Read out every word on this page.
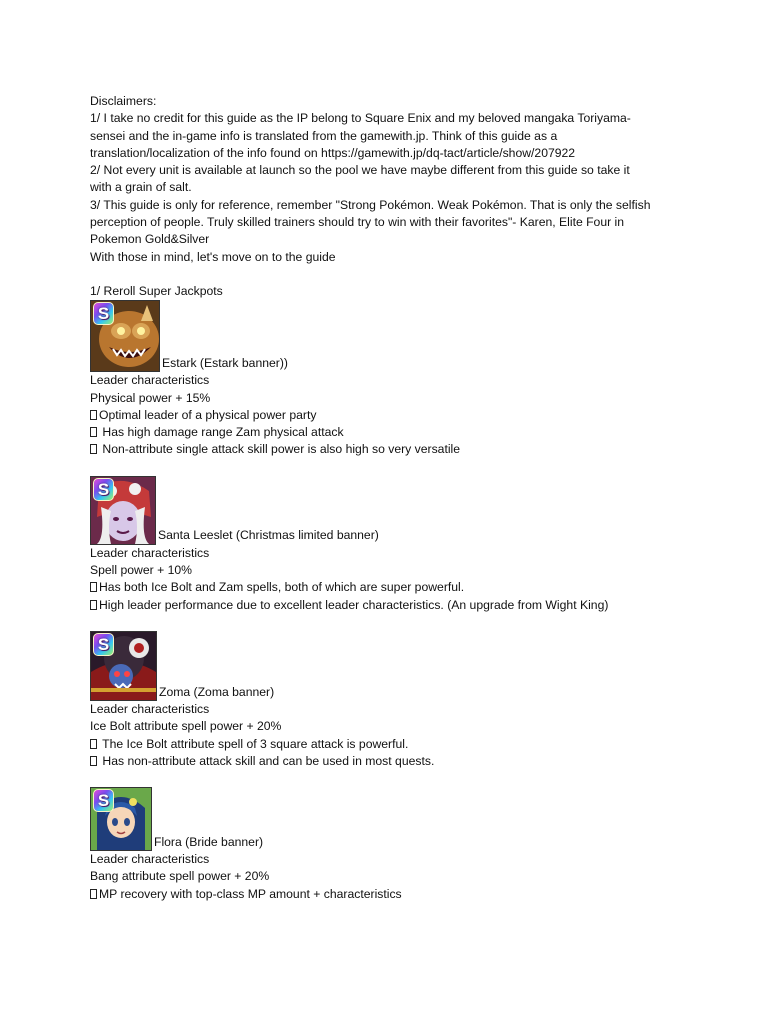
Disclaimers:
1/ I take no credit for this guide as the IP belong to Square Enix and my beloved mangaka Toriyama-
sensei and the in-game info is translated from the gamewith.jp. Think of this guide as a
translation/localization of the info found on https://gamewith.jp/dq-tact/article/show/207922
2/ Not every unit is available at launch so the pool we have maybe different from this guide so take it
with a grain of salt.
3/ This guide is only for reference, remember "Strong Pokémon. Weak Pokémon. That is only the selfish
perception of people. Truly skilled trainers should try to win with their favorites"- Karen, Elite Four in
Pokemon Gold&Silver
With those in mind, let's move on to the guide
1/ Reroll Super Jackpots
S
Estark (Estark banner))
Leader characteristics
Physical power + 15%
Optimal leader of a physical power party
Has high damage range Zam physical attack
Non-attribute single attack skill power is also high so very versatile
S
Santa Leeslet (Christmas limited banner)
Leader characteristics
Spell power + 10%
Has both Ice Bolt and Zam spells, both of which are super powerful.
High leader performance due to excellent leader characteristics. (An upgrade from Wight King)
S
Zoma (Zoma banner)
Leader characteristics
Ice Bolt attribute spell power + 20%
The Ice Bolt attribute spell of 3 square attack is powerful.
Has non-attribute attack skill and can be used in most quests.
S
Flora (Bride banner)
Leader characteristics
Bang attribute spell power + 20%
MP recovery with top-class MP amount + characteristics
